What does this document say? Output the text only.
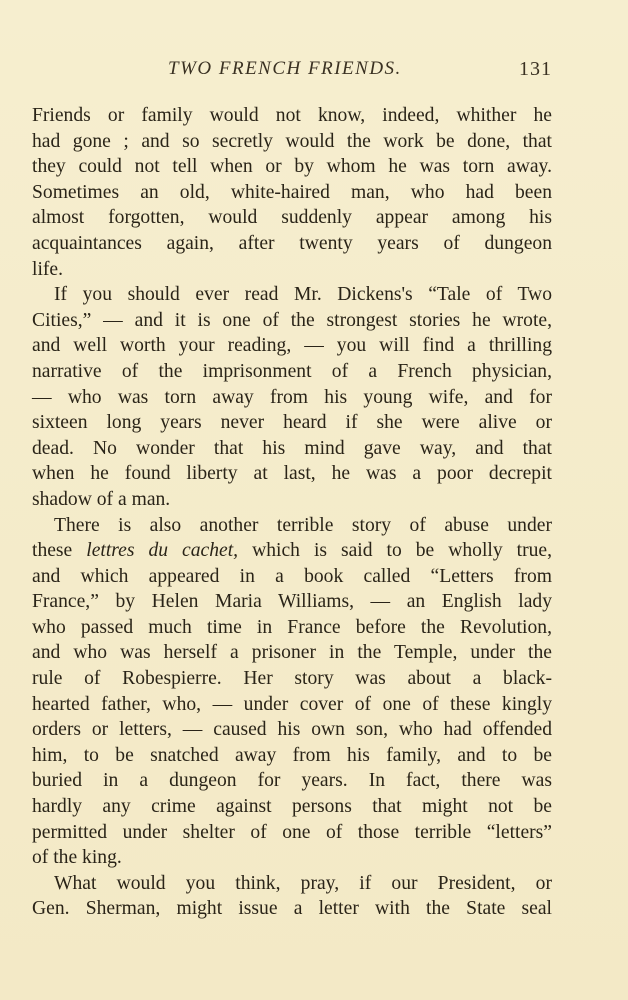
TWO FRENCH FRIENDS.	131
Friends or family would not know, indeed, whither he
had gone ; and so secretly would the work be done, that
they could not tell when or by whom he was torn away.
Sometimes an old, white-haired man, who had been
almost forgotten, would suddenly appear among his
acquaintances again, after twenty years of dungeon
life.
If you should ever read Mr. Dickens's “Tale of Two
Cities,” — and it is one of the strongest stories he wrote,
and well worth your reading, — you will find a thrilling
narrative of the imprisonment of a French physician,
— who was torn away from his young wife, and for
sixteen long years never heard if she were alive or
dead. No wonder that his mind gave way, and that
when he found liberty at last, he was a poor decrepit
shadow of a man.
There is also another terrible story of abuse under
these lettres du cachet, which is said to be wholly true,
and which appeared in a book called “Letters from
France,” by Helen Maria Williams, — an English lady
who passed much time in France before the Revolution,
and who was herself a prisoner in the Temple, under the
rule of Robespierre. Her story was about a black-
hearted father, who, — under cover of one of these kingly
orders or letters, — caused his own son, who had offended
him, to be snatched away from his family, and to be
buried in a dungeon for years. In fact, there was
hardly any crime against persons that might not be
permitted under shelter of one of those terrible “letters”
of the king.
What would you think, pray, if our President, or
Gen. Sherman, might issue a letter with the State seal
